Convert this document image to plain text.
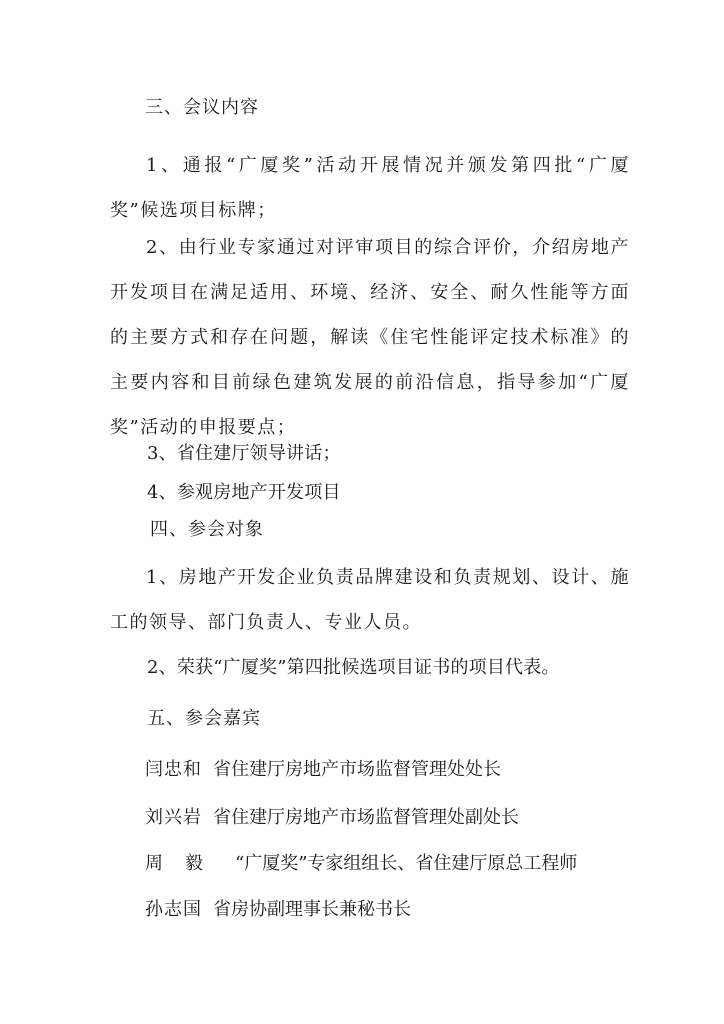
三、会议内容
1、通报“广厦奖”活动开展情况并颁发第四批“广厦奖”候选项目标牌；
2、由行业专家通过对评审项目的综合评价，介绍房地产开发项目在满足适用、环境、经济、安全、耐久性能等方面的主要方式和存在问题，解读《住宅性能评定技术标准》的主要内容和目前绿色建筑发展的前沿信息，指导参加“广厦奖”活动的申报要点；
3、省住建厅领导讲话；
4、参观房地产开发项目
四、参会对象
1、房地产开发企业负责品牌建设和负责规划、设计、施工的领导、部门负责人、专业人员。
2、荣获“广厦奖”第四批候选项目证书的项目代表。
五、参会嘉宾
闫忠和 省住建厅房地产市场监督管理处处长
刘兴岩 省住建厅房地产市场监督管理处副处长
周毅 “广厦奖”专家组组长、省住建厅原总工程师
孙志国 省房协副理事长兼秘书长
